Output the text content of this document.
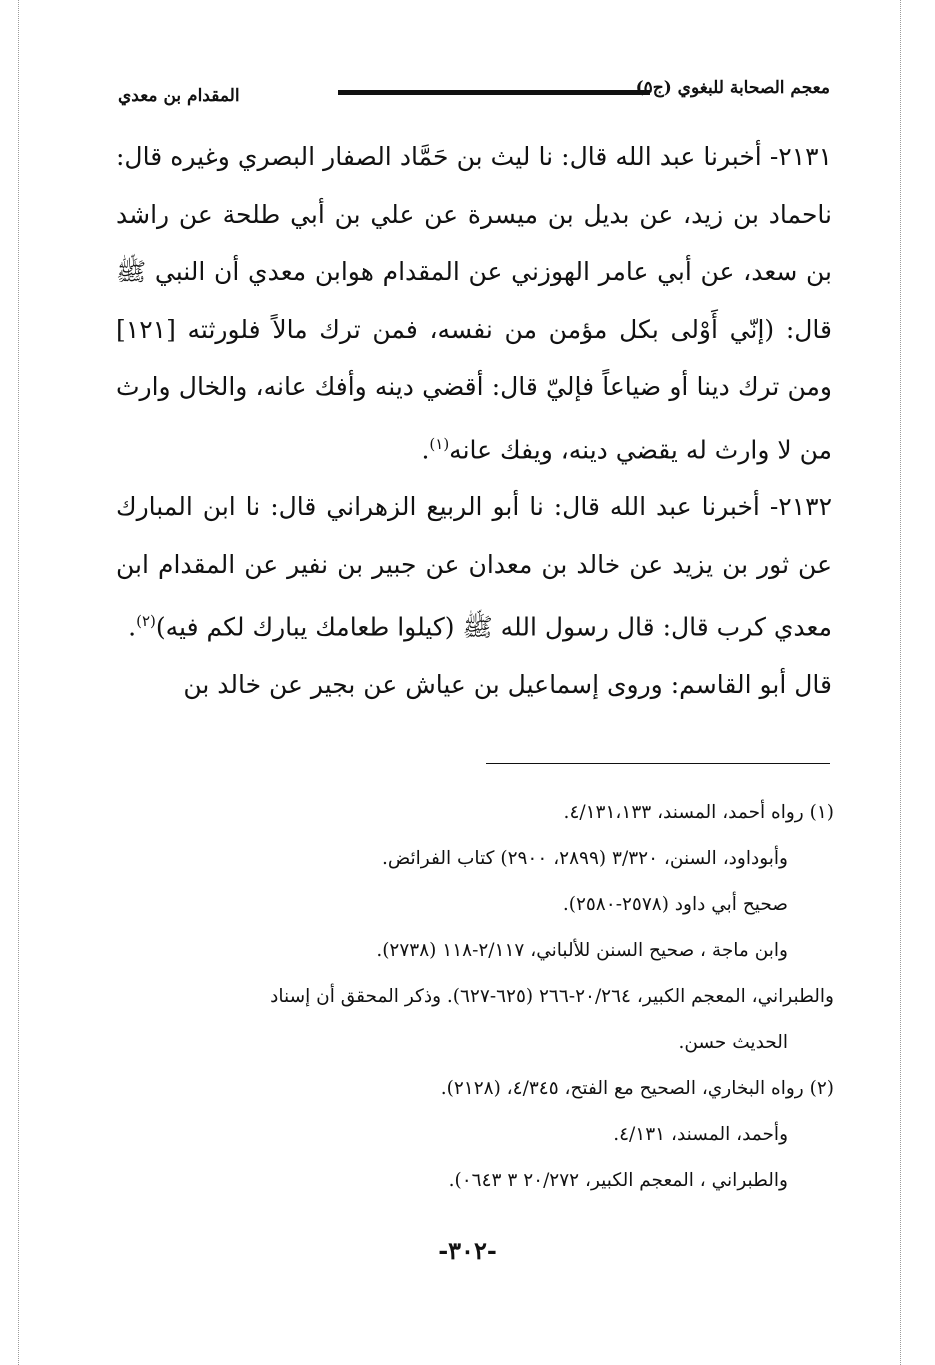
معجم الصحابة للبغوي (ج٥)
المقدام بن معدي

٢١٣١- أخبرنا عبد الله قال: نا ليث بن حَمَّاد الصفار البصري وغيره قال: ناحماد بن زيد، عن بديل بن ميسرة عن علي بن أبي طلحة عن راشد بن سعد، عن أبي عامر الهوزني عن المقدام هوابن معدي أن النبي ﷺ قال: (إنّي أَوْلى بكل مؤمن من نفسه، فمن ترك مالاً فلورثته [١٢١] ومن ترك دينا أو ضياعاً فإليّ قال: أقضي دينه وأفك عانه، والخال وارث من لا وارث له يقضي دينه، ويفك عانه$^{(١)}$.

٢١٣٢- أخبرنا عبد الله قال: نا أبو الربيع الزهراني قال: نا ابن المبارك عن ثور بن يزيد عن خالد بن معدان عن جبير بن نفير عن المقدام ابن معدي كرب قال: قال رسول الله ﷺ (كيلوا طعامك يبارك لكم فيه)$^{(٢)}$.

قال أبو القاسم: وروى إسماعيل بن عياش عن بجير عن خالد بن

(١) رواه أحمد، المسند، ٤/١٣١،١٣٣.

وأبوداود، السنن، ٣/٣٢٠ (٢٨٩٩، ٢٩٠٠) كتاب الفرائض.

صحيح أبي داود (٢٥٧٨-٢٥٨٠).

وابن ماجة ، صحيح السنن للألباني، ٢/١١٧-١١٨ (٢٧٣٨).

والطبراني، المعجم الكبير، ٢٠/٢٦٤-٢٦٦ (٦٢٥-٦٢٧). وذكر المحقق أن إسناد

الحديث حسن.

(٢) رواه البخاري، الصحيح مع الفتح، ٤/٣٤٥، (٢١٢٨).

وأحمد، المسند، ٤/١٣١.

والطبراني ، المعجم الكبير، ٢٠/٢٧٢ ٣ ٠٦٤٣).

-٣٠٢-
